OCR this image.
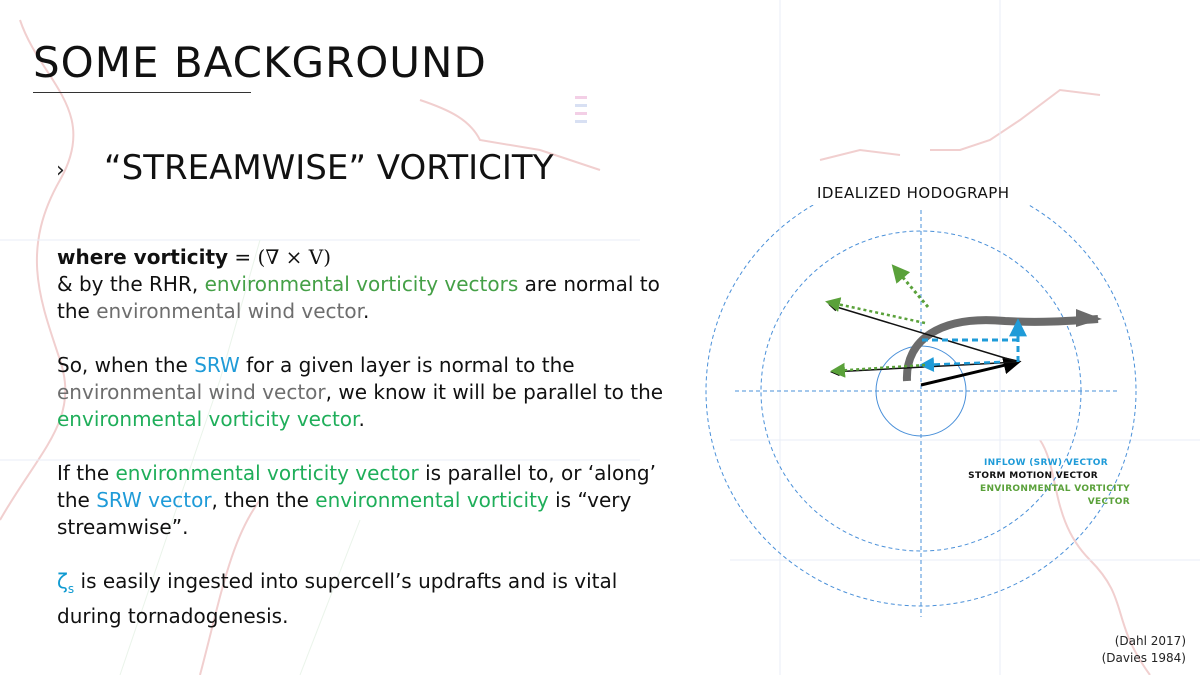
SOME BACKGROUND
› “STREAMWISE” VORTICITY

where vorticity = (∇ × V)
& by the RHR, environmental vorticity vectors are normal to the environmental wind vector.

So, when the SRW for a given layer is normal to the environmental wind vector, we know it will be parallel to the environmental vorticity vector.

If the environmental vorticity vector is parallel to, or ‘along’ the SRW vector, then the environmental vorticity is “very streamwise”.

$\zeta_s$ is easily ingested into supercell’s updrafts and is vital during tornadogenesis.

IDEALIZED HODOGRAPH
INFLOW (SRW) VECTOR
STORM MOTION VECTOR
ENVIRONMENTAL VORTICITY VECTOR
(Dahl 2017)
(Davies 1984)
